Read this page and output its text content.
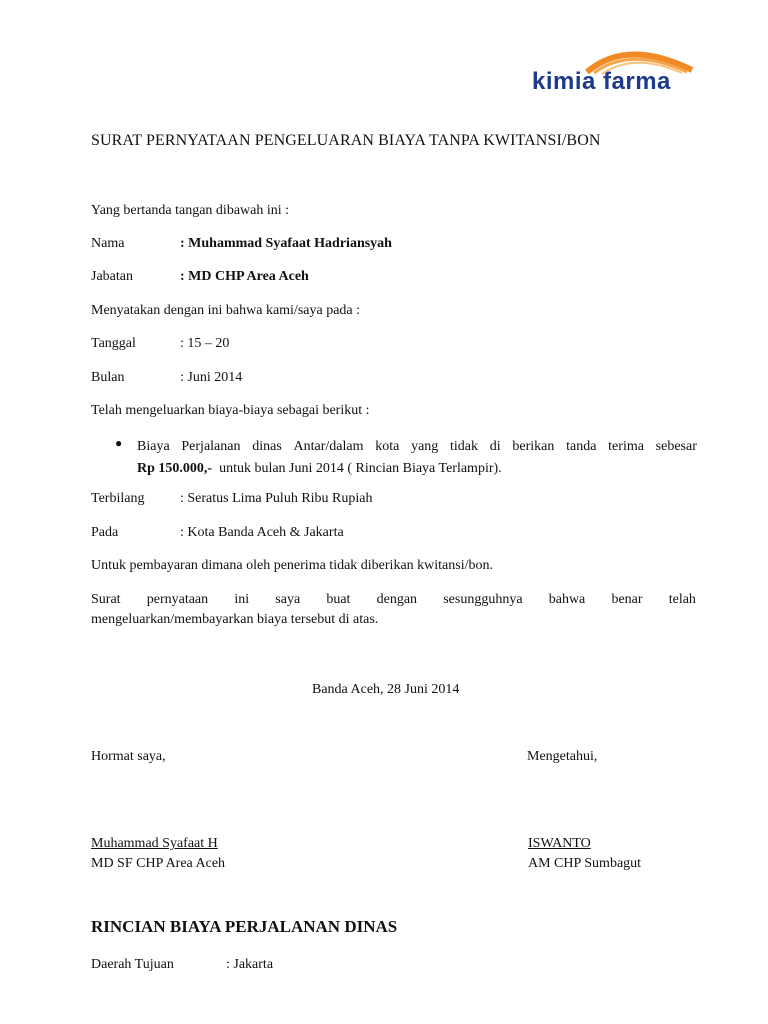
kimia farma
SURAT PERNYATAAN PENGELUARAN BIAYA TANPA KWITANSI/BON
Yang bertanda tangan dibawah ini :
Nama	: Muhammad Syafaat Hadriansyah
Jabatan	: MD CHP Area Aceh
Menyatakan dengan ini bahwa kami/saya pada :
Tanggal	: 15 – 20
Bulan	: Juni 2014
Telah mengeluarkan biaya-biaya sebagai berikut :
● Biaya Perjalanan dinas Antar/dalam kota yang tidak di berikan tanda terima sebesar
Rp 150.000,- untuk bulan Juni 2014 ( Rincian Biaya Terlampir).
Terbilang	: Seratus Lima Puluh Ribu Rupiah
Pada	: Kota Banda Aceh & Jakarta
Untuk pembayaran dimana oleh penerima tidak diberikan kwitansi/bon.
Surat pernyataan ini saya buat dengan sesungguhnya bahwa benar telah
mengeluarkan/membayarkan biaya tersebut di atas.
Banda Aceh, 28 Juni 2014
Hormat saya,	Mengetahui,
Muhammad Syafaat H
MD SF CHP Area Aceh
ISWANTO
AM CHP Sumbagut
RINCIAN BIAYA PERJALANAN DINAS
Daerah Tujuan	: Jakarta
